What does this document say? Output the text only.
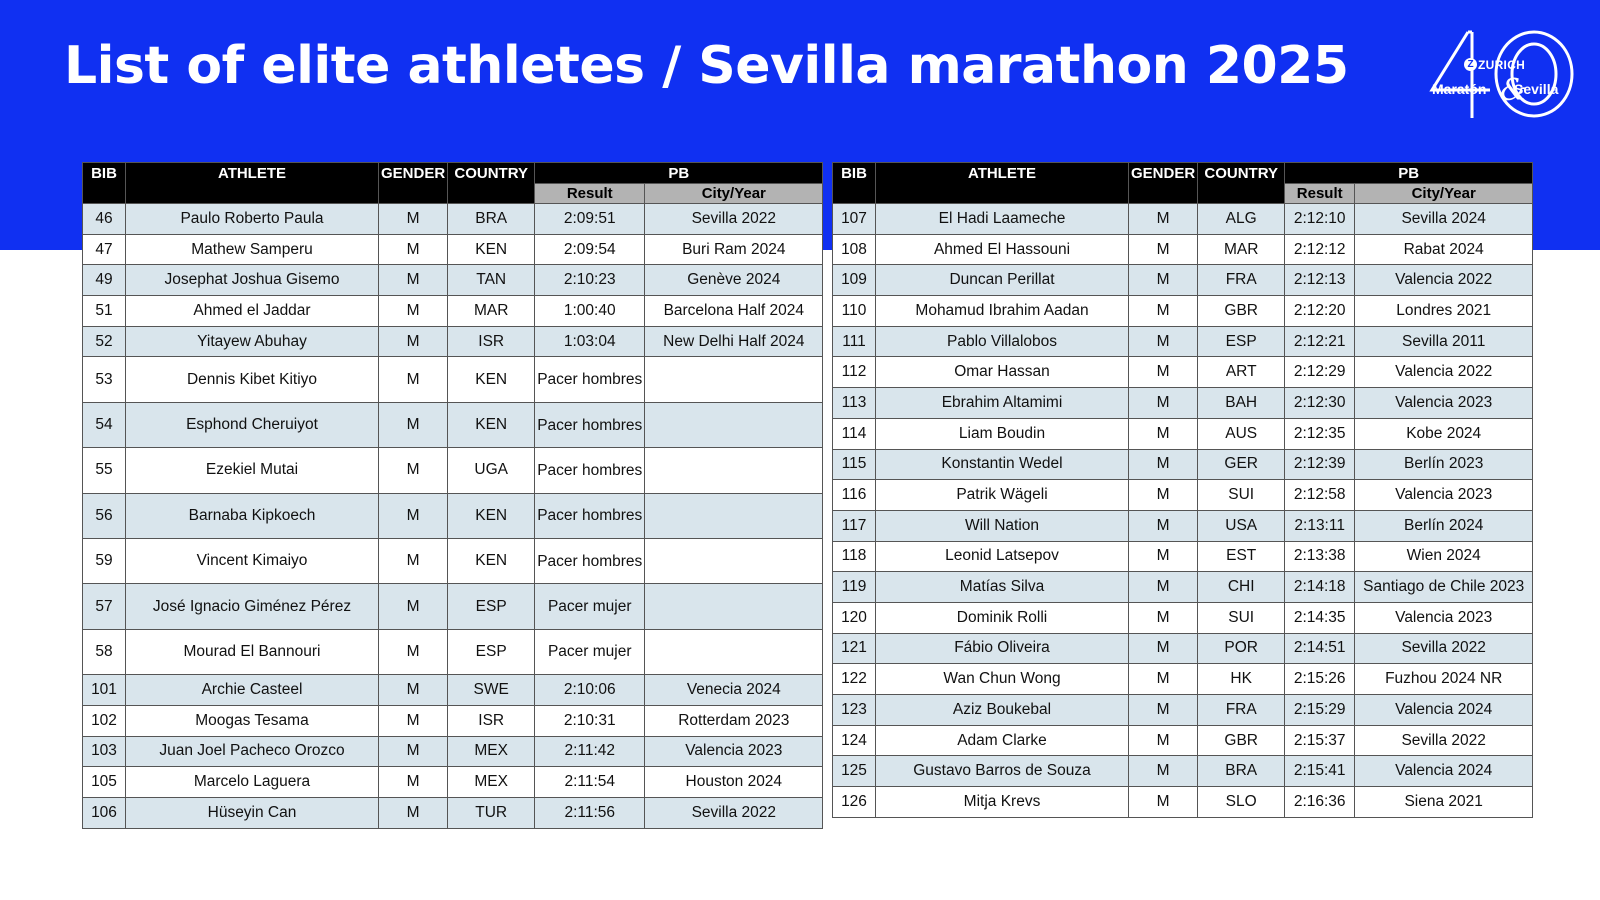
List of elite athletes / Sevilla marathon 2025	&
Z ZURICH
Maratón Sevilla
BIB	ATHLETE	GENDER	COUNTRY	PB	
				Result	City/Year
46	Paulo Roberto Paula	M	BRA	2:09:51	Sevilla 2022
47	Mathew Samperu	M	KEN	2:09:54	Buri Ram 2024
49	Josephat Joshua Gisemo	M	TAN	2:10:23	Genève 2024
51	Ahmed el Jaddar	M	MAR	1:00:40	Barcelona Half 2024
52	Yitayew Abuhay	M	ISR	1:03:04	New Delhi Half 2024
53	Dennis Kibet Kitiyo	M	KEN	Pacer hombres	
54	Esphond Cheruiyot	M	KEN	Pacer hombres	
55	Ezekiel Mutai	M	UGA	Pacer hombres	
56	Barnaba Kipkoech	M	KEN	Pacer hombres	
59	Vincent Kimaiyo	M	KEN	Pacer hombres	
57	José Ignacio Giménez Pérez	M	ESP	Pacer mujer	
58	Mourad El Bannouri	M	ESP	Pacer mujer	
101	Archie Casteel	M	SWE	2:10:06	Venecia 2024
102	Moogas Tesama	M	ISR	2:10:31	Rotterdam 2023
103	Juan Joel Pacheco Orozco	M	MEX	2:11:42	Valencia 2023
105	Marcelo Laguera	M	MEX	2:11:54	Houston 2024
106	Hüseyin Can	M	TUR	2:11:56	Sevilla 2022
BIB	ATHLETE	GENDER	COUNTRY	PB	
				Result	City/Year
107	El Hadi Laameche	M	ALG	2:12:10	Sevilla 2024
108	Ahmed El Hassouni	M	MAR	2:12:12	Rabat 2024
109	Duncan Perillat	M	FRA	2:12:13	Valencia 2022
110	Mohamud Ibrahim Aadan	M	GBR	2:12:20	Londres 2021
111	Pablo Villalobos	M	ESP	2:12:21	Sevilla 2011
112	Omar Hassan	M	ART	2:12:29	Valencia 2022
113	Ebrahim Altamimi	M	BAH	2:12:30	Valencia 2023
114	Liam Boudin	M	AUS	2:12:35	Kobe 2024
115	Konstantin Wedel	M	GER	2:12:39	Berlín 2023
116	Patrik Wägeli	M	SUI	2:12:58	Valencia 2023
117	Will Nation	M	USA	2:13:11	Berlín 2024
118	Leonid Latsepov	M	EST	2:13:38	Wien 2024
119	Matías Silva	M	CHI	2:14:18	Santiago de Chile 2023
120	Dominik Rolli	M	SUI	2:14:35	Valencia 2023
121	Fábio Oliveira	M	POR	2:14:51	Sevilla 2022
122	Wan Chun Wong	M	HK	2:15:26	Fuzhou 2024 NR
123	Aziz Boukebal	M	FRA	2:15:29	Valencia 2024
124	Adam Clarke	M	GBR	2:15:37	Sevilla 2022
125	Gustavo Barros de Souza	M	BRA	2:15:41	Valencia 2024
126	Mitja Krevs	M	SLO	2:16:36	Siena 2021
